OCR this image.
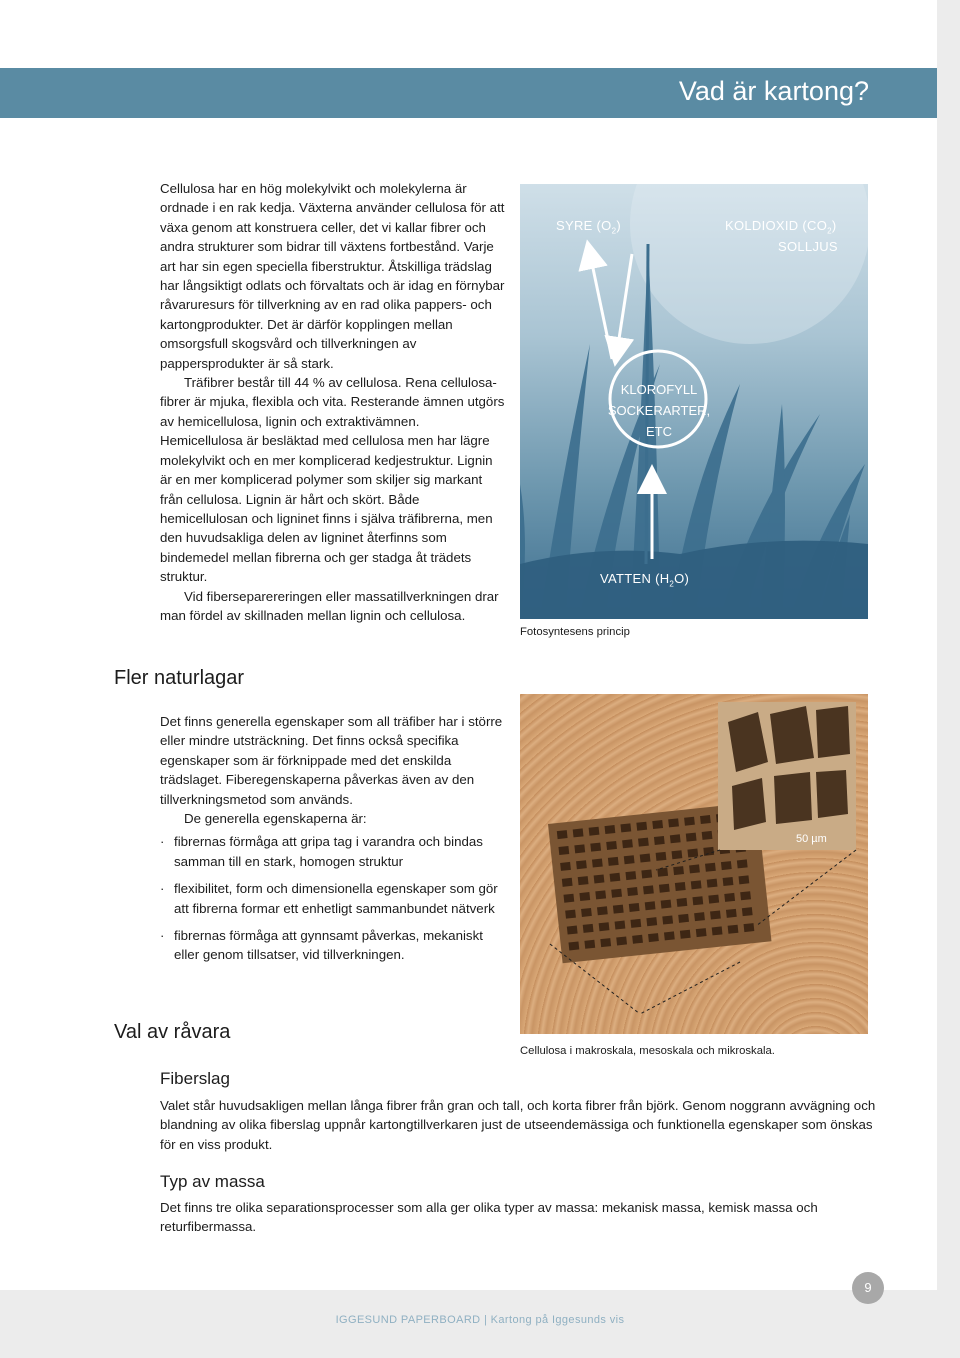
Vad är kartong?

Cellulosa har en hög molekylvikt och molekylerna är ordnade i en rak kedja. Växterna använder cellulosa för att växa genom att konstruera celler, det vi kallar fibrer och andra strukturer som bidrar till växtens fortbestånd. Varje art har sin egen speciella fiberstruktur. Åtskilliga trädslag har långsiktigt odlats och förvaltats och är idag en förnybar råvaruresurs för tillverkning av en rad olika pappers- och kartongprodukter. Det är därför kopplingen mellan omsorgsfull skogsvård och tillverkningen av pappersprodukter är så stark.

Träfibrer består till 44 % av cellulosa. Rena cellulosa-fibrer är mjuka, flexibla och vita. Resterande ämnen utgörs av hemicellulosa, lignin och extraktivämnen. Hemicellulosa är besläktad med cellulosa men har lägre molekylvikt och en mer komplicerad kedjestruktur. Lignin är en mer komplicerad polymer som skiljer sig markant från cellulosa. Lignin är hårt och skört. Både hemicellulosan och ligninet finns i själva träfibrerna, men den huvudsakliga delen av ligninet återfinns som bindemedel mellan fibrerna och ger stadga åt trädets struktur.

Vid fiberseparereringen eller massatillverkningen drar man fördel av skillnaden mellan lignin och cellulosa.

SYRE $(O_2)$	KOLDIOXID $(CO_2)$
SOLLJUS
KLOROFYLL
SOCKERARTER,
ETC
VATTEN $(H_2O)$

Fotosyntesens princip

Fler naturlagar

Det finns generella egenskaper som all träfiber har i större eller mindre utsträckning. Det finns också specifika egenskaper som är förknippade med det enskilda trädslaget. Fiberegenskaperna påverkas även av den tillverkningsmetod som används.

De generella egenskaperna är:

· fibrernas förmåga att gripa tag i varandra och bindas samman till en stark, homogen struktur
· flexibilitet, form och dimensionella egenskaper som gör att fibrerna formar ett enhetligt sammanbundet nätverk
· fibrernas förmåga att gynnsamt påverkas, mekaniskt eller genom tillsatser, vid tillverkningen.
50 µm

Cellulosa i makroskala, mesoskala och mikroskala.

Val av råvara
Fiberslag

Valet står huvudsakligen mellan långa fibrer från gran och tall, och korta fibrer från björk. Genom noggrann avvägning och blandning av olika fiberslag uppnår kartongtillverkaren just de utseendemässiga och funktionella egenskaper som önskas för en viss produkt.

Typ av massa

Det finns tre olika separationsprocesser som alla ger olika typer av massa: mekanisk massa, kemisk massa och returfibermassa.

9

IGGESUND PAPERBOARD | Kartong på Iggesunds vis
